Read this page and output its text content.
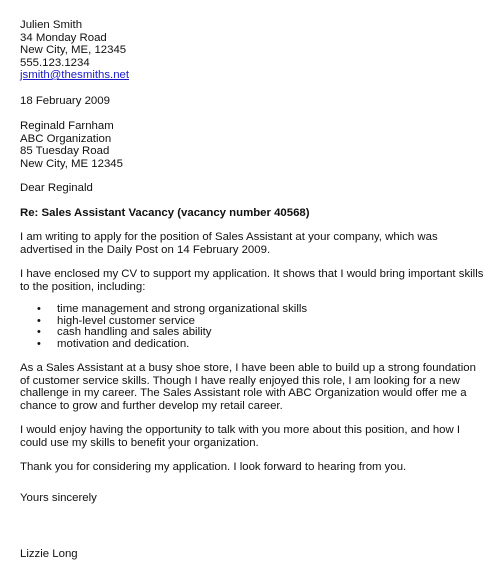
Julien Smith
34 Monday Road
New City, ME, 12345
555.123.1234
jsmith@thesmiths.net
18 February 2009
Reginald Farnham
ABC Organization
85 Tuesday Road
New City, ME 12345
Dear Reginald
Re: Sales Assistant Vacancy (vacancy number 40568)
I am writing to apply for the position of Sales Assistant at your company, which was
advertised in the Daily Post on 14 February 2009.
I have enclosed my CV to support my application. It shows that I would bring important skills
to the position, including:
• time management and strong organizational skills
• high-level customer service
• cash handling and sales ability
• motivation and dedication.
As a Sales Assistant at a busy shoe store, I have been able to build up a strong foundation
of customer service skills. Though I have really enjoyed this role, I am looking for a new
challenge in my career. The Sales Assistant role with ABC Organization would offer me a
chance to grow and further develop my retail career.
I would enjoy having the opportunity to talk with you more about this position, and how I
could use my skills to benefit your organization.
Thank you for considering my application. I look forward to hearing from you.
Yours sincerely
Lizzie Long
